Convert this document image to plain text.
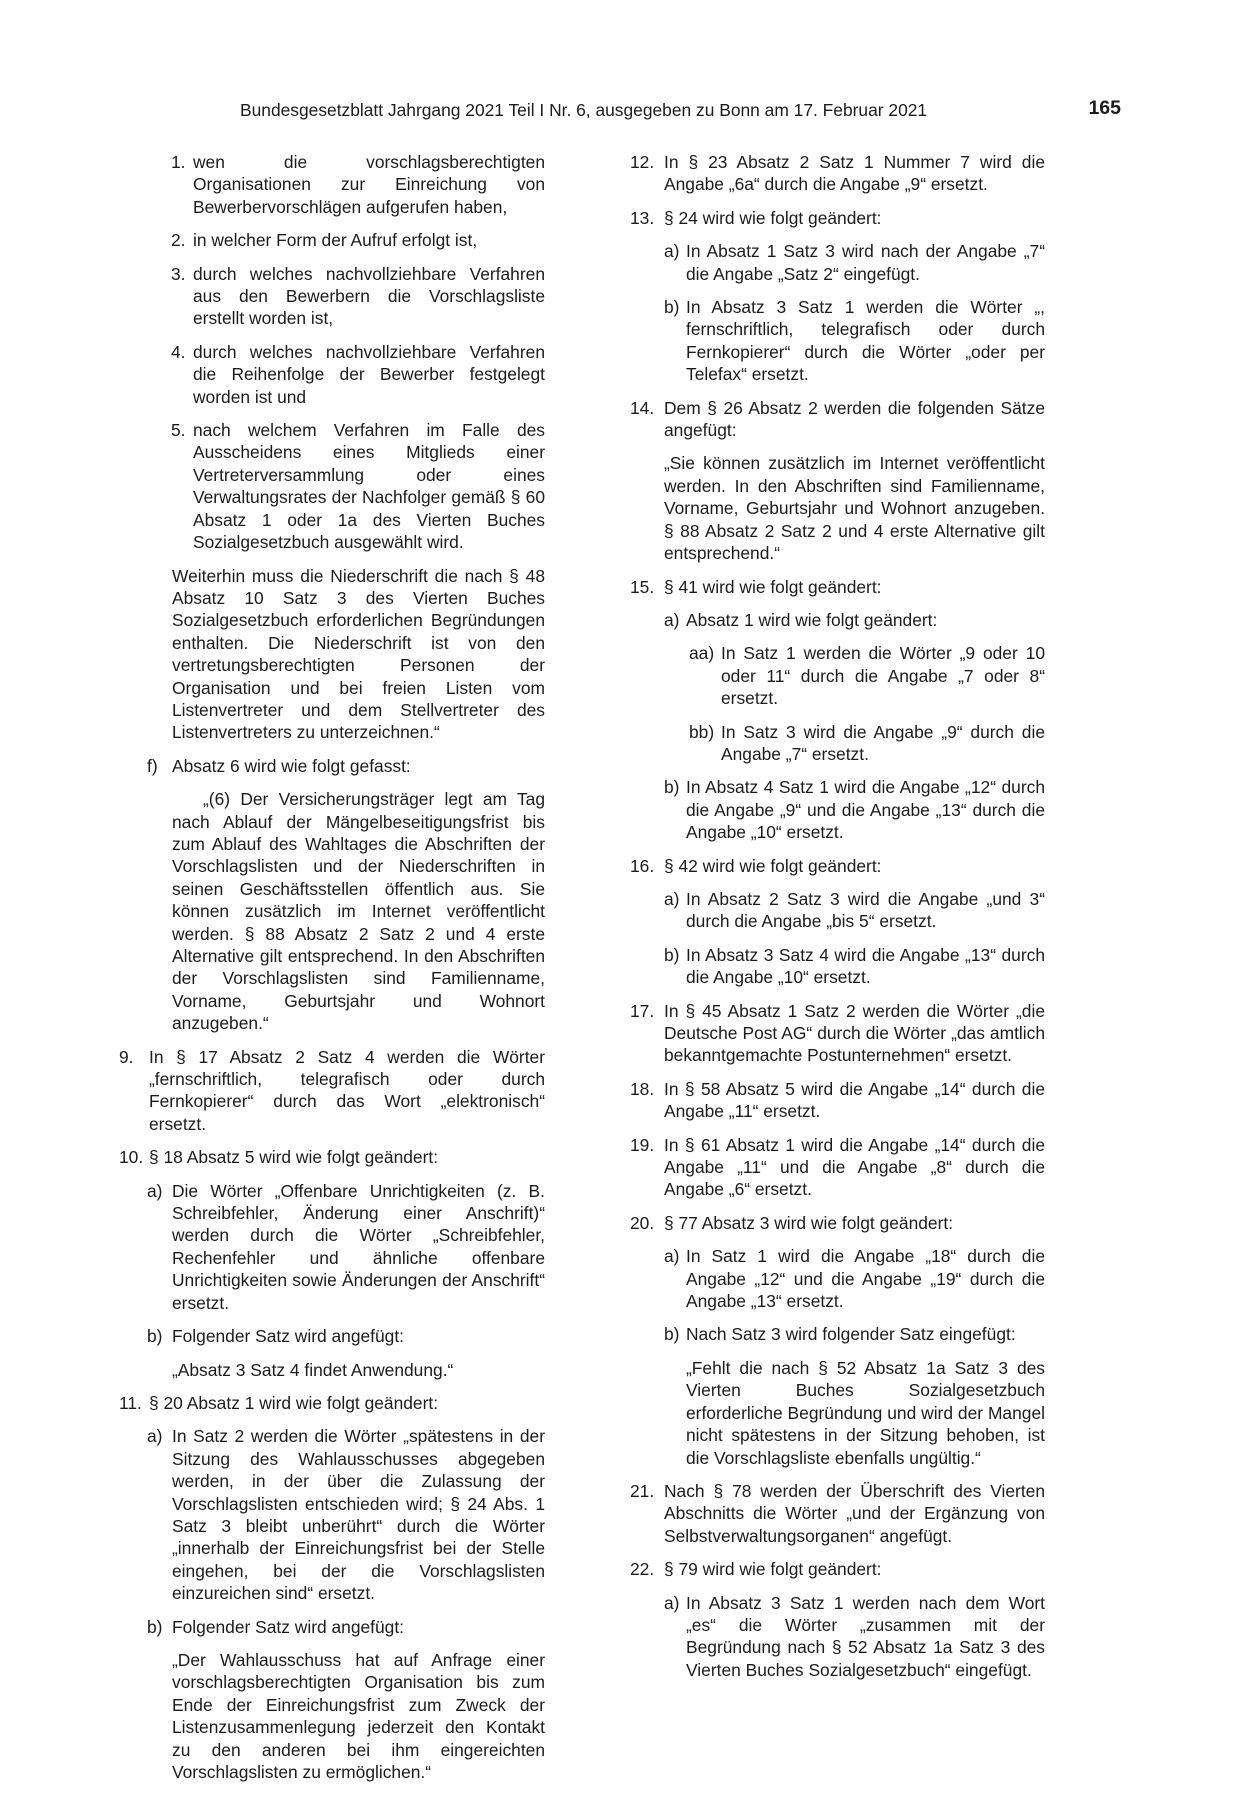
Bundesgesetzblatt Jahrgang 2021 Teil I Nr. 6, ausgegeben zu Bonn am 17. Februar 2021	165
1. wen die vorschlagsberechtigten Organisationen zur Einreichung von Bewerbervorschlägen aufgerufen haben,
2. in welcher Form der Aufruf erfolgt ist,
3. durch welches nachvollziehbare Verfahren aus den Bewerbern die Vorschlagsliste erstellt worden ist,
4. durch welches nachvollziehbare Verfahren die Reihenfolge der Bewerber festgelegt worden ist und
5. nach welchem Verfahren im Falle des Ausscheidens eines Mitglieds einer Vertreterversammlung oder eines Verwaltungsrates der Nachfolger gemäß § 60 Absatz 1 oder 1a des Vierten Buches Sozialgesetzbuch ausgewählt wird.
Weiterhin muss die Niederschrift die nach § 48 Absatz 10 Satz 3 des Vierten Buches Sozialgesetzbuch erforderlichen Begründungen enthalten. Die Niederschrift ist von den vertretungsberechtigten Personen der Organisation und bei freien Listen vom Listenvertreter und dem Stellvertreter des Listenvertreters zu unterzeichnen.“
f) Absatz 6 wird wie folgt gefasst:
„(6) Der Versicherungsträger legt am Tag nach Ablauf der Mängelbeseitigungsfrist bis zum Ablauf des Wahltages die Abschriften der Vorschlagslisten und der Niederschriften in seinen Geschäftsstellen öffentlich aus. Sie können zusätzlich im Internet veröffentlicht werden. § 88 Absatz 2 Satz 2 und 4 erste Alternative gilt entsprechend. In den Abschriften der Vorschlagslisten sind Familienname, Vorname, Geburtsjahr und Wohnort anzugeben.“
9. In § 17 Absatz 2 Satz 4 werden die Wörter „fernschriftlich, telegrafisch oder durch Fernkopierer“ durch das Wort „elektronisch“ ersetzt.
10. § 18 Absatz 5 wird wie folgt geändert:
a) Die Wörter „Offenbare Unrichtigkeiten (z. B. Schreibfehler, Änderung einer Anschrift)“ werden durch die Wörter „Schreibfehler, Rechenfehler und ähnliche offenbare Unrichtigkeiten sowie Änderungen der Anschrift“ ersetzt.
b) Folgender Satz wird angefügt:
„Absatz 3 Satz 4 findet Anwendung.“
11. § 20 Absatz 1 wird wie folgt geändert:
a) In Satz 2 werden die Wörter „spätestens in der Sitzung des Wahlausschusses abgegeben werden, in der über die Zulassung der Vorschlagslisten entschieden wird; § 24 Abs. 1 Satz 3 bleibt unberührt“ durch die Wörter „innerhalb der Einreichungsfrist bei der Stelle eingehen, bei der die Vorschlagslisten einzureichen sind“ ersetzt.
b) Folgender Satz wird angefügt:
„Der Wahlausschuss hat auf Anfrage einer vorschlagsberechtigten Organisation bis zum Ende der Einreichungsfrist zum Zweck der Listenzusammenlegung jederzeit den Kontakt zu den anderen bei ihm eingereichten Vorschlagslisten zu ermöglichen.“
12. In § 23 Absatz 2 Satz 1 Nummer 7 wird die Angabe „6a“ durch die Angabe „9“ ersetzt.
13. § 24 wird wie folgt geändert:
a) In Absatz 1 Satz 3 wird nach der Angabe „7“ die Angabe „Satz 2“ eingefügt.
b) In Absatz 3 Satz 1 werden die Wörter „, fernschriftlich, telegrafisch oder durch Fernkopierer“ durch die Wörter „oder per Telefax“ ersetzt.
14. Dem § 26 Absatz 2 werden die folgenden Sätze angefügt:
„Sie können zusätzlich im Internet veröffentlicht werden. In den Abschriften sind Familienname, Vorname, Geburtsjahr und Wohnort anzugeben. § 88 Absatz 2 Satz 2 und 4 erste Alternative gilt entsprechend.“
15. § 41 wird wie folgt geändert:
a) Absatz 1 wird wie folgt geändert:
aa) In Satz 1 werden die Wörter „9 oder 10 oder 11“ durch die Angabe „7 oder 8“ ersetzt.
bb) In Satz 3 wird die Angabe „9“ durch die Angabe „7“ ersetzt.
b) In Absatz 4 Satz 1 wird die Angabe „12“ durch die Angabe „9“ und die Angabe „13“ durch die Angabe „10“ ersetzt.
16. § 42 wird wie folgt geändert:
a) In Absatz 2 Satz 3 wird die Angabe „und 3“ durch die Angabe „bis 5“ ersetzt.
b) In Absatz 3 Satz 4 wird die Angabe „13“ durch die Angabe „10“ ersetzt.
17. In § 45 Absatz 1 Satz 2 werden die Wörter „die Deutsche Post AG“ durch die Wörter „das amtlich bekanntgemachte Postunternehmen“ ersetzt.
18. In § 58 Absatz 5 wird die Angabe „14“ durch die Angabe „11“ ersetzt.
19. In § 61 Absatz 1 wird die Angabe „14“ durch die Angabe „11“ und die Angabe „8“ durch die Angabe „6“ ersetzt.
20. § 77 Absatz 3 wird wie folgt geändert:
a) In Satz 1 wird die Angabe „18“ durch die Angabe „12“ und die Angabe „19“ durch die Angabe „13“ ersetzt.
b) Nach Satz 3 wird folgender Satz eingefügt:
„Fehlt die nach § 52 Absatz 1a Satz 3 des Vierten Buches Sozialgesetzbuch erforderliche Begründung und wird der Mangel nicht spätestens in der Sitzung behoben, ist die Vorschlagsliste ebenfalls ungültig.“
21. Nach § 78 werden der Überschrift des Vierten Abschnitts die Wörter „und der Ergänzung von Selbstverwaltungsorganen“ angefügt.
22. § 79 wird wie folgt geändert:
a) In Absatz 3 Satz 1 werden nach dem Wort „es“ die Wörter „zusammen mit der Begründung nach § 52 Absatz 1a Satz 3 des Vierten Buches Sozialgesetzbuch“ eingefügt.
